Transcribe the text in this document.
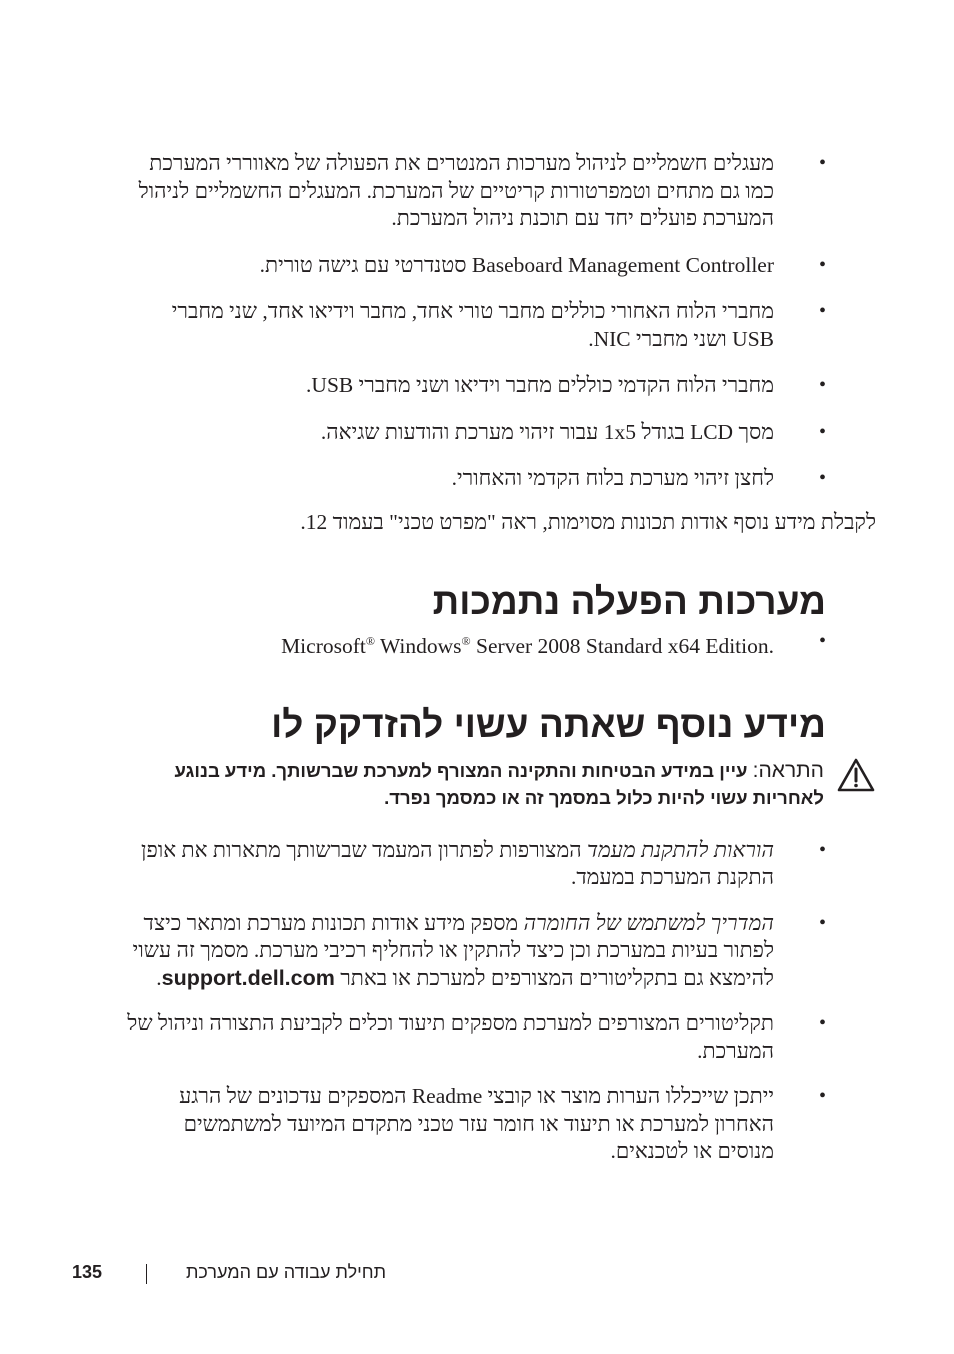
• מעגלים חשמליים לניהול מערכות המנטרים את הפעולה של מאווררי המערכת כמו גם מתחים וטמפרטורות קריטיים של המערכת. המעגלים החשמליים לניהול המערכת פועלים יחד עם תוכנת ניהול המערכת.
• Baseboard Management Controller סטנדרטי עם גישה טורית.
• מחברי הלוח האחורי כוללים מחבר טורי אחד, מחבר וידיאו אחד, שני מחברי USB ושני מחברי NIC.
• מחברי הלוח הקדמי כוללים מחבר וידיאו ושני מחברי USB.
• מסך LCD בגודל 1x5 עבור זיהוי מערכת והודעות שגיאה.
• לחצן זיהוי מערכת בלוח הקדמי והאחורי.
לקבלת מידע נוסף אודות תכונות מסוימות, ראה "מפרט טכני" בעמוד 12.
מערכות הפעלה נתמכות
• Microsoft® Windows® Server 2008 Standard x64 Edition.
מידע נוסף שאתה עשוי להזדקק לו
התראה: עיין במידע הבטיחות והתקינה המצורף למערכת שברשותך. מידע בנוגע לאחריות עשוי להיות כלול במסמך זה או כמסמך נפרד.
• הוראות להתקנת מעמד המצורפות לפתרון המעמד שברשותך מתארות את אופן התקנת המערכת במעמד.
• המדריך למשתמש של החומרה מספק מידע אודות תכונות מערכת ומתאר כיצד לפתור בעיות במערכת וכן כיצד להתקין או להחליף רכיבי מערכת. מסמך זה עשוי להימצא גם בתקליטורים המצורפים למערכת או באתר support.dell.com.
• תקליטורים המצורפים למערכת מספקים תיעוד וכלים לקביעת התצורה וניהול של המערכת.
• ייתכן שייכללו הערות מוצר או קובצי Readme המספקים עדכונים של הרגע האחרון למערכת או תיעוד או חומר עזר טכני מתקדם המיועד למשתמשים מנוסים או לטכנאים.
135	תחילת עבודה עם המערכת
